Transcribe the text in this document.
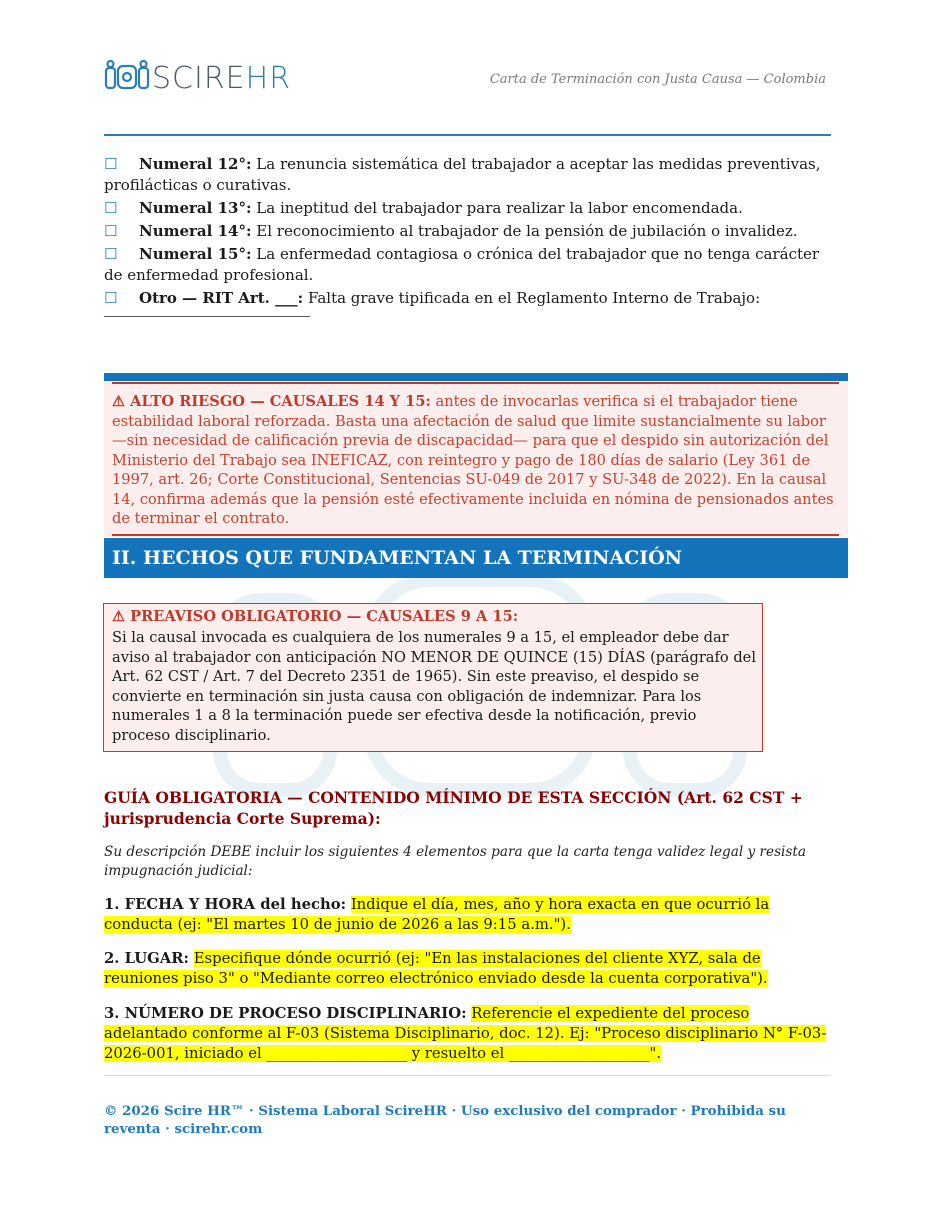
SCIREHR	Carta de Terminación con Justa Causa — Colombia
☐ Numeral 12°: La renuncia sistemática del trabajador a aceptar las medidas preventivas, profilácticas o curativas.
☐ Numeral 13°: La ineptitud del trabajador para realizar la labor encomendada.
☐ Numeral 14°: El reconocimiento al trabajador de la pensión de jubilación o invalidez.
☐ Numeral 15°: La enfermedad contagiosa o crónica del trabajador que no tenga carácter de enfermedad profesional.
☐ Otro — RIT Art. ___: Falta grave tipificada en el Reglamento Interno de Trabajo:
⚠ ALTO RIESGO — CAUSALES 14 Y 15: antes de invocarlas verifica si el trabajador tiene estabilidad laboral reforzada. Basta una afectación de salud que limite sustancialmente su labor —sin necesidad de calificación previa de discapacidad— para que el despido sin autorización del Ministerio del Trabajo sea INEFICAZ, con reintegro y pago de 180 días de salario (Ley 361 de 1997, art. 26; Corte Constitucional, Sentencias SU-049 de 2017 y SU-348 de 2022). En la causal 14, confirma además que la pensión esté efectivamente incluida en nómina de pensionados antes de terminar el contrato.
II. HECHOS QUE FUNDAMENTAN LA TERMINACIÓN
⚠ PREAVISO OBLIGATORIO — CAUSALES 9 A 15:
Si la causal invocada es cualquiera de los numerales 9 a 15, el empleador debe dar aviso al trabajador con anticipación NO MENOR DE QUINCE (15) DÍAS (parágrafo del Art. 62 CST / Art. 7 del Decreto 2351 de 1965). Sin este preaviso, el despido se convierte en terminación sin justa causa con obligación de indemnizar. Para los numerales 1 a 8 la terminación puede ser efectiva desde la notificación, previo proceso disciplinario.
GUÍA OBLIGATORIA — CONTENIDO MÍNIMO DE ESTA SECCIÓN (Art. 62 CST + jurisprudencia Corte Suprema):
Su descripción DEBE incluir los siguientes 4 elementos para que la carta tenga validez legal y resista impugnación judicial:
1. FECHA Y HORA del hecho: Indique el día, mes, año y hora exacta en que ocurrió la conducta (ej: "El martes 10 de junio de 2026 a las 9:15 a.m.").
2. LUGAR: Especifique dónde ocurrió (ej: "En las instalaciones del cliente XYZ, sala de reuniones piso 3" o "Mediante correo electrónico enviado desde la cuenta corporativa").
3. NÚMERO DE PROCESO DISCIPLINARIO: Referencie el expediente del proceso adelantado conforme al F-03 (Sistema Disciplinario, doc. 12). Ej: "Proceso disciplinario N° F-03-2026-001, iniciado el ___________________ y resuelto el ___________________".
© 2026 Scire HR™ · Sistema Laboral ScireHR · Uso exclusivo del comprador · Prohibida su reventa · scirehr.com
